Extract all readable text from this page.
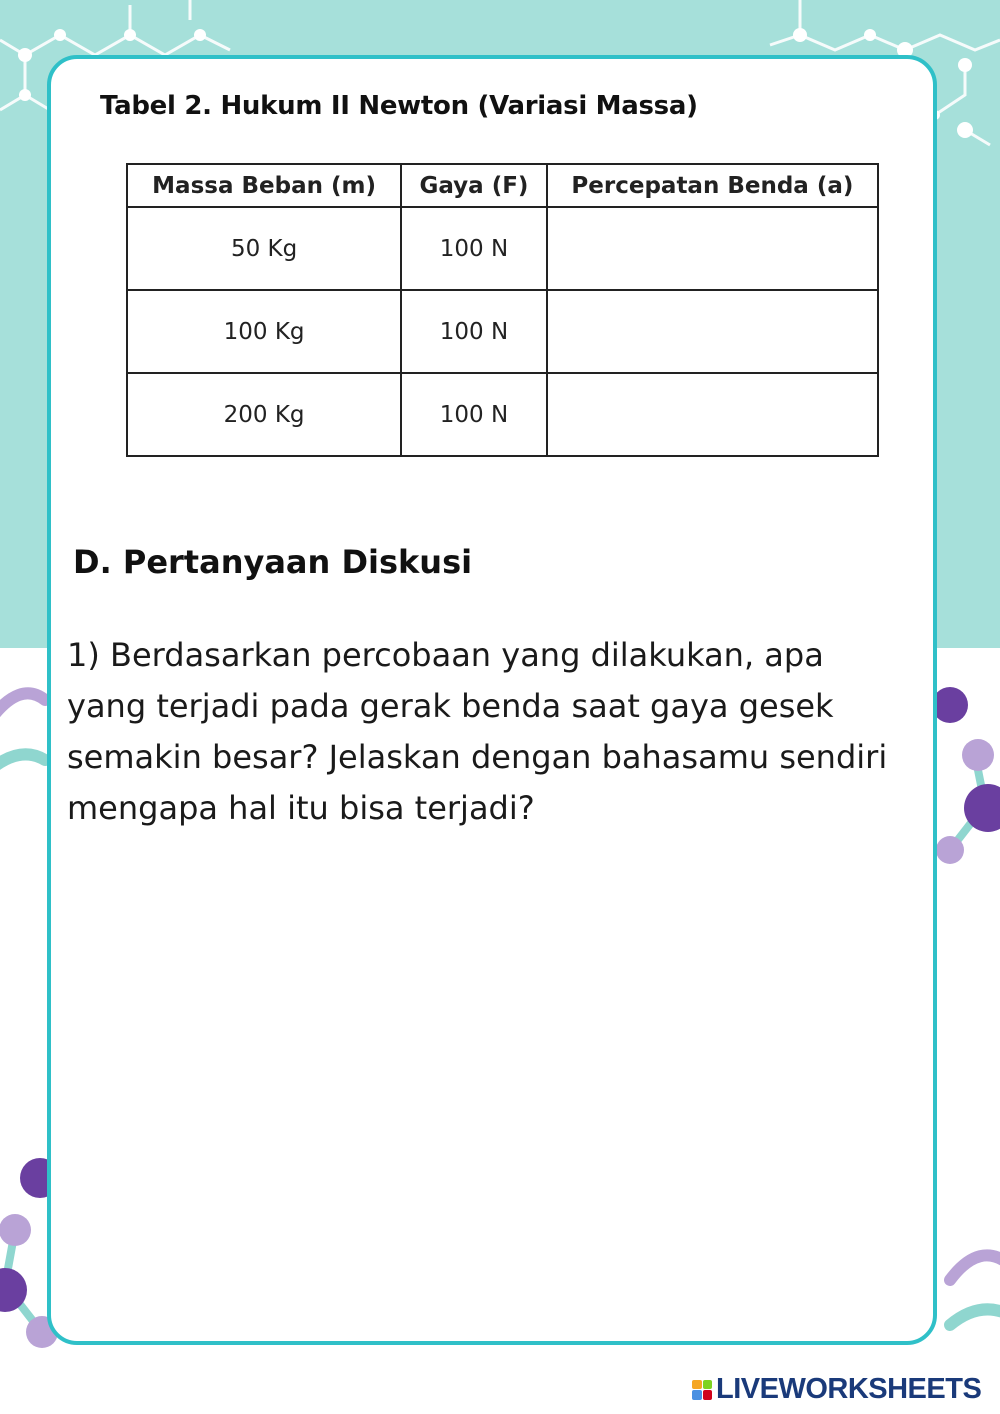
Tabel 2. Hukum II Newton (Variasi Massa)
Massa Beban (m)	Gaya (F)	Percepatan Benda (a)
50 Kg	100 N	
100 Kg	100 N	
200 Kg	100 N	
D. Pertanyaan Diskusi
1) Berdasarkan percobaan yang dilakukan, apa yang terjadi pada gerak benda saat gaya gesek semakin besar? Jelaskan dengan bahasamu sendiri mengapa hal itu bisa terjadi?
LIVEWORKSHEETS
